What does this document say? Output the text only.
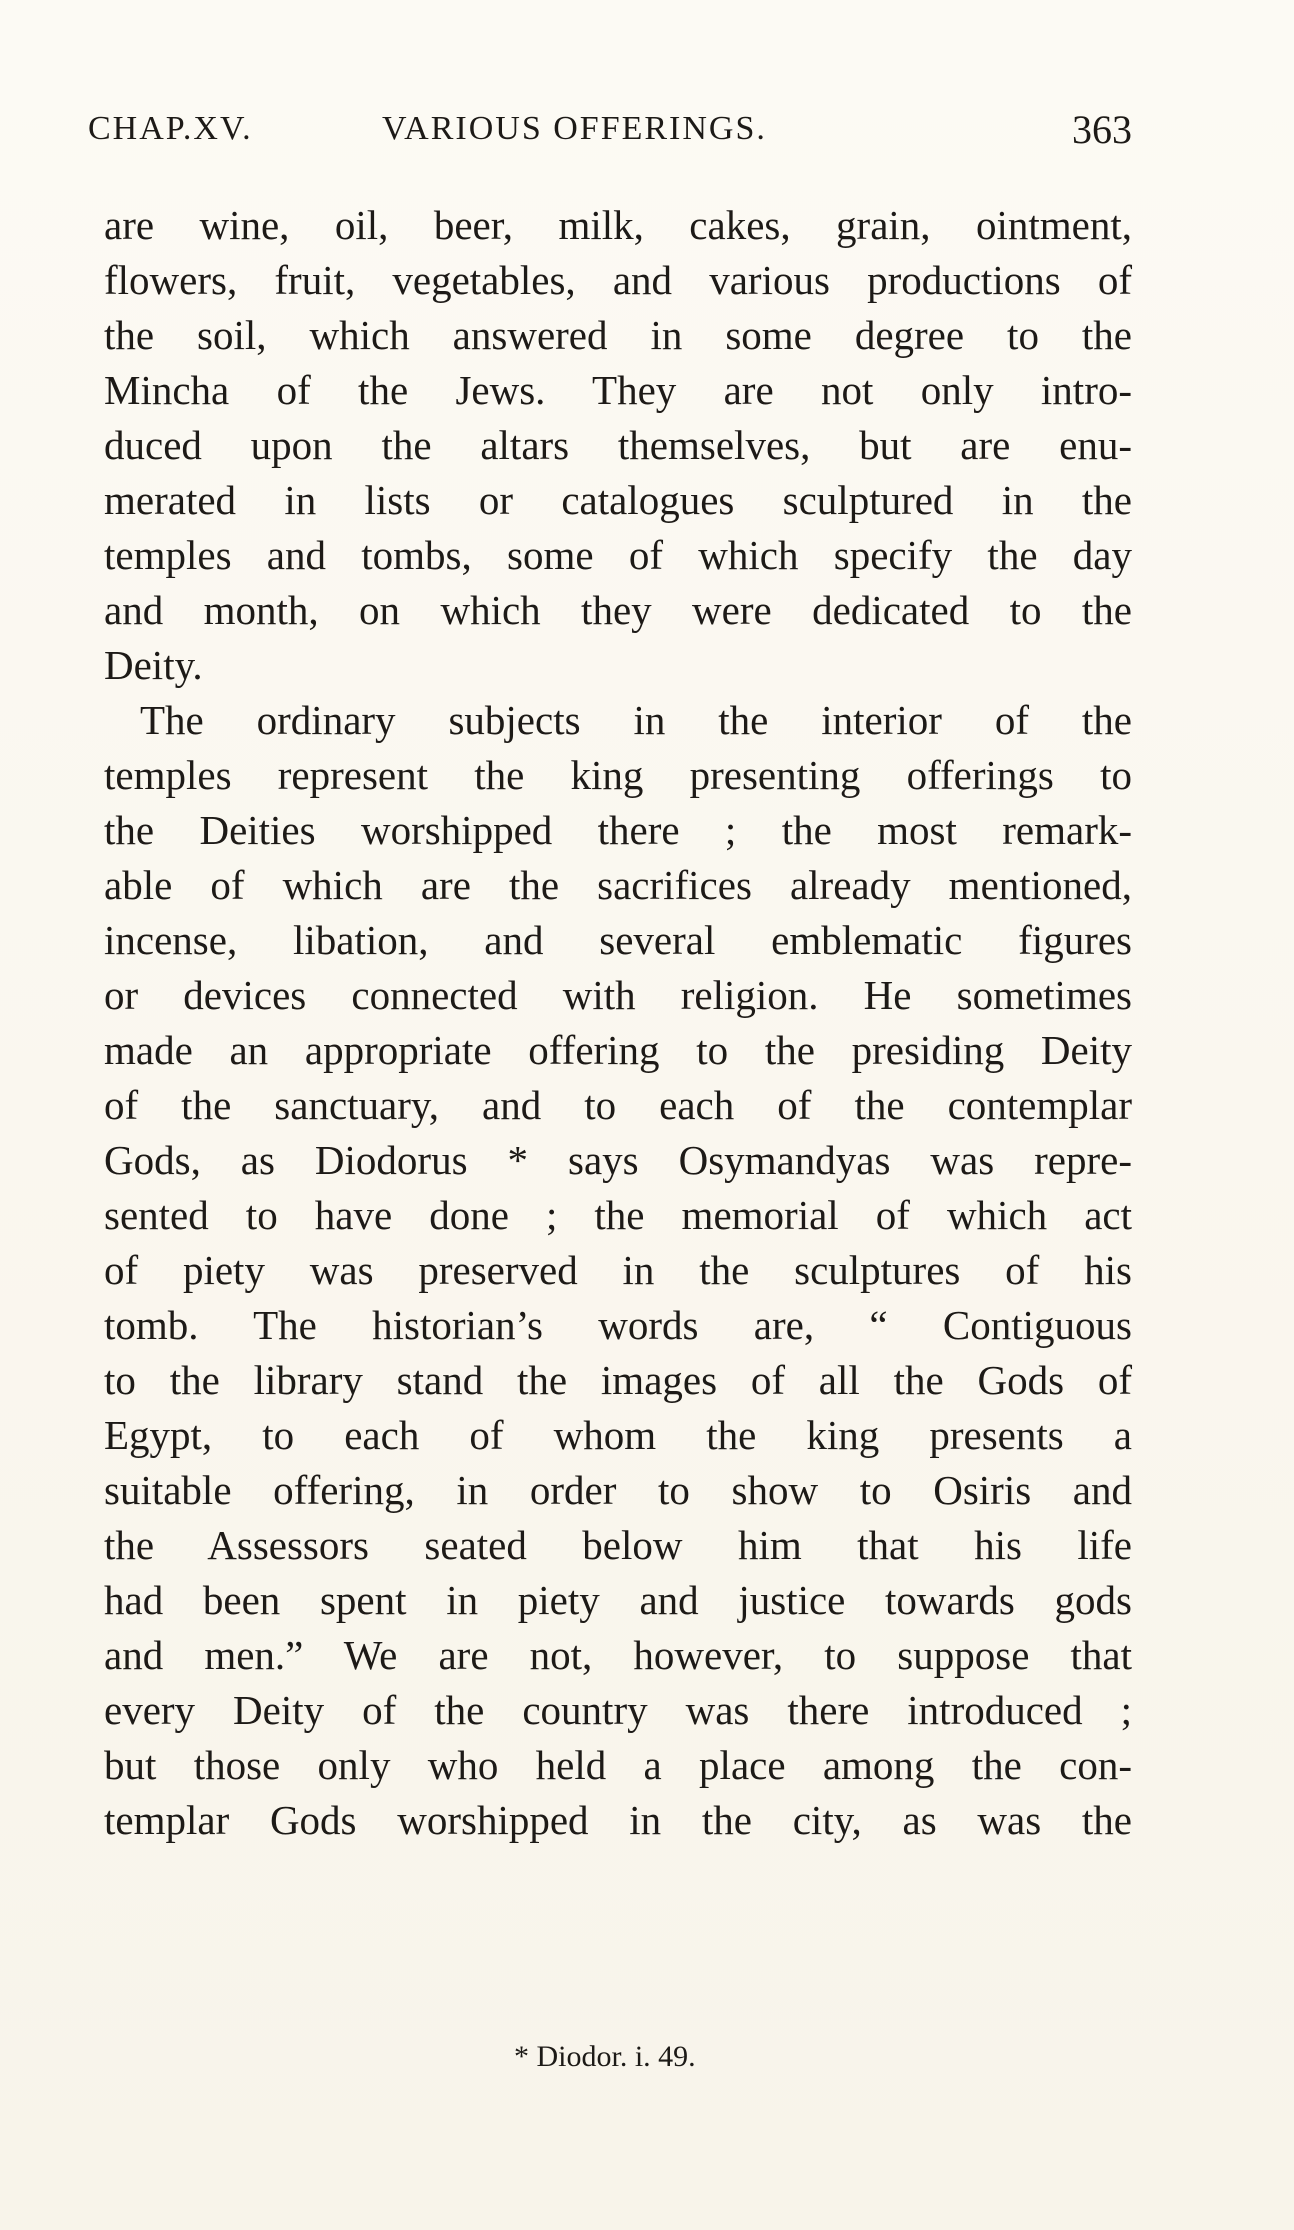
CHAP.XV.	VARIOUS OFFERINGS.	363
are wine, oil, beer, milk, cakes, grain, ointment,
flowers, fruit, vegetables, and various productions of
the soil, which answered in some degree to the
Mincha of the Jews. They are not only intro-
duced upon the altars themselves, but are enu-
merated in lists or catalogues sculptured in the
temples and tombs, some of which specify the day
and month, on which they were dedicated to the
Deity.
The ordinary subjects in the interior of the
temples represent the king presenting offerings to
the Deities worshipped there ; the most remark-
able of which are the sacrifices already mentioned,
incense, libation, and several emblematic figures
or devices connected with religion. He sometimes
made an appropriate offering to the presiding Deity
of the sanctuary, and to each of the contemplar
Gods, as Diodorus * says Osymandyas was repre-
sented to have done ; the memorial of which act
of piety was preserved in the sculptures of his
tomb. The historian’s words are, “ Contiguous
to the library stand the images of all the Gods of
Egypt, to each of whom the king presents a
suitable offering, in order to show to Osiris and
the Assessors seated below him that his life
had been spent in piety and justice towards gods
and men.” We are not, however, to suppose that
every Deity of the country was there introduced ;
but those only who held a place among the con-
templar Gods worshipped in the city, as was the
* Diodor. i. 49.
